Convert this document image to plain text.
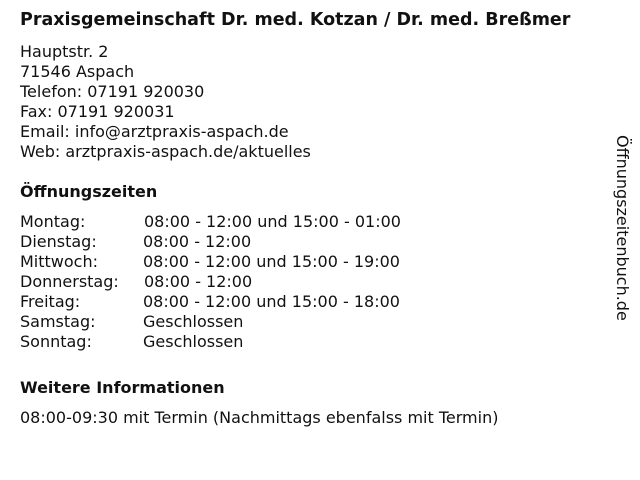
Praxisgemeinschaft Dr. med. Kotzan / Dr. med. Breßmer
Hauptstr. 2
71546 Aspach
Telefon: 07191 920030
Fax: 07191 920031
Email: info@arztpraxis-aspach.de
Web: arztpraxis-aspach.de/aktuelles
Öffnungszeiten
Montag:	08:00 - 12:00 und 15:00 - 01:00
Dienstag:	08:00 - 12:00
Mittwoch:	08:00 - 12:00 und 15:00 - 19:00
Donnerstag:	08:00 - 12:00
Freitag:	08:00 - 12:00 und 15:00 - 18:00
Samstag:	Geschlossen
Sonntag:	Geschlossen
Weitere Informationen
08:00-09:30 mit Termin (Nachmittags ebenfalss mit Termin)
Öffnungszeitenbuch.de
